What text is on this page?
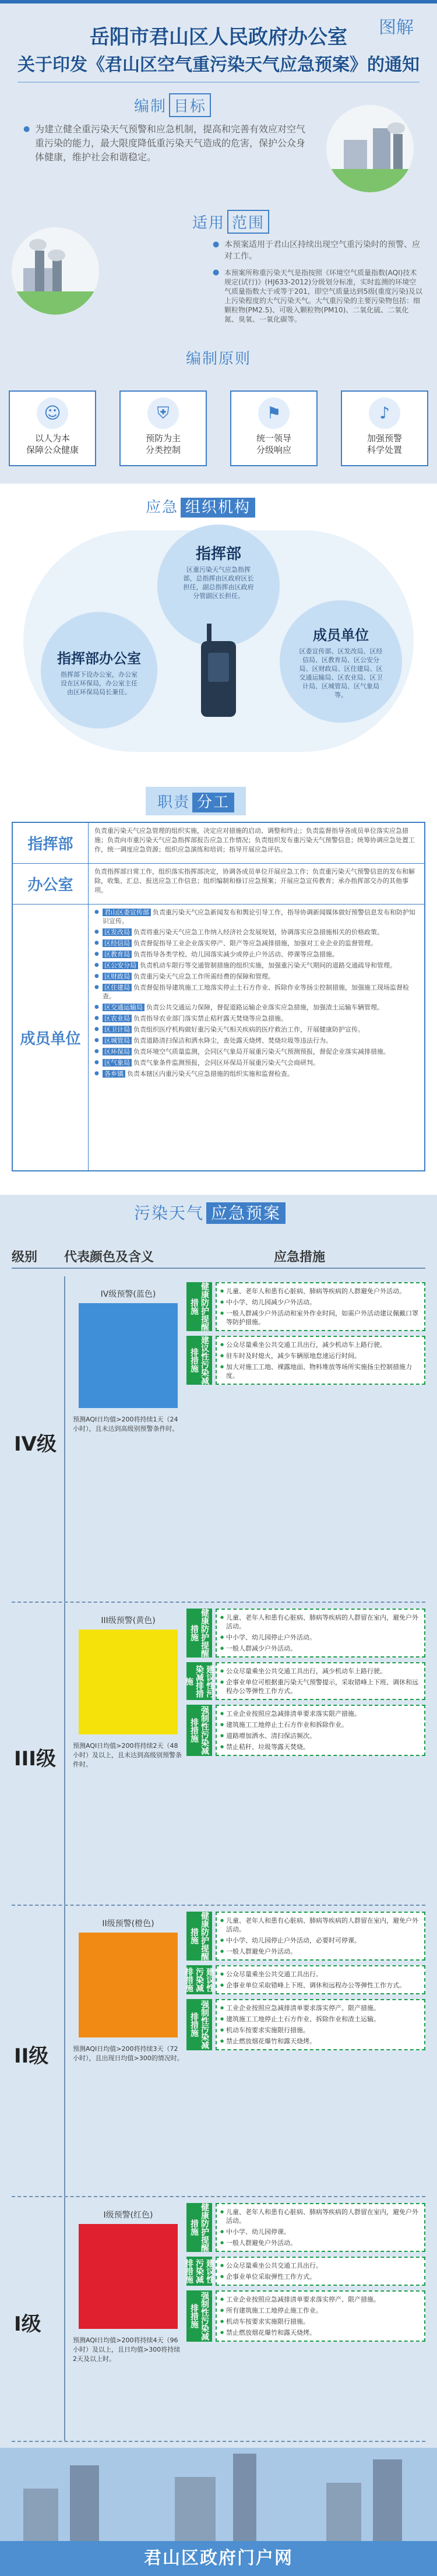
图解
岳阳市君山区人民政府办公室
关于印发《君山区空气重污染天气应急预案》的通知
编制 目标
● 为建立健全重污染天气预警和应急机制，提高和完善有效应对空气重污染的能力，最大限度降低重污染天气造成的危害，保护公众身体健康，维护社会和谐稳定。
适用 范围
● 本预案适用于君山区持续出现空气重污染时的预警、应对工作。
● 本预案所称重污染天气是指按照《环境空气质量指数(AQI)技术规定(试行)》(HJ633-2012)分级划分标准，实时监测的环境空气质量指数大于或等于201，即空气质量达到5级(重度污染)及以上污染程度的大气污染天气。大气重污染的主要污染物包括：细颗粒物(PM2.5)、可吸入颗粒物(PM10)、二氧化硫、二氧化氮、臭氧、一氧化碳等。
编制原则
☺
以人为本
保障公众健康
⛨
预防为主
分类控制
⚑
统一领导
分级响应
♪
加强预警
科学处置
应急 组织机构
指挥部
区重污染天气应急指挥部，总指挥由区政府区长担任，副总指挥由区政府分管副区长担任。
指挥部办公室
指挥部下设办公室，办公室设在区环保局，办公室主任由区环保局局长兼任。
成员单位
区委宣传部、区发改局、区经信局、区教育局、区公安分局、区财政局、区住建局、区交通运输局、区农业局、区卫计局、区城管局、区气象局等。
职责 分工
指挥部
负责重污染天气应急管理的组织实施，决定应对措施的启动、调整和终止；负责监督指导各成员单位落实应急措施；负责向市重污染天气应急指挥部报告应急工作情况；负责组织发布重污染天气预警信息；统筹协调应急处置工作，统一调度应急资源；组织应急演练和培训；指导开展应急评估。
办公室
负责指挥部日常工作，组织落实指挥部决定，协调各成员单位开展应急工作；负责重污染天气预警信息的发布和解除，收集、汇总、报送应急工作信息；组织编制和修订应急预案；开展应急宣传教育；承办指挥部交办的其他事项。
成员单位
● 君山区委宣传部 负责重污染天气应急新闻发布和舆论引导工作，指导协调新闻媒体做好预警信息发布和防护知识宣传。
● 区发改局 负责将重污染天气应急工作纳入经济社会发展规划，协调落实应急措施相关的价格政策。
● 区经信局 负责督促指导工业企业落实停产、限产等应急减排措施，加强对工业企业的监督管理。
● 区教育局 负责指导各类学校、幼儿园落实减少或停止户外活动、停课等应急措施。
● 区公安分局 负责机动车限行等交通管制措施的组织实施，加强重污染天气期间的道路交通疏导和管理。
● 区财政局 负责重污染天气应急工作所需经费的保障和管理。
● 区住建局 负责督促指导建筑施工工地落实停止土石方作业、拆除作业等扬尘控制措施，加强施工现场监督检查。
● 区交通运输局 负责公共交通运力保障，督促道路运输企业落实应急措施，加强渣土运输车辆管理。
● 区农业局 负责指导农业部门落实禁止秸秆露天焚烧等应急措施。
● 区卫计局 负责组织医疗机构做好重污染天气相关疾病的医疗救治工作，开展健康防护宣传。
● 区城管局 负责道路清扫保洁和洒水降尘，查处露天烧烤、焚烧垃圾等违法行为。
● 区环保局 负责环境空气质量监测，会同区气象局开展重污染天气预测预报，督促企业落实减排措施。
● 区气象局 负责气象条件监测预报，会同区环保局开展重污染天气会商研判。
● 各乡镇 负责本辖区内重污染天气应急措施的组织实施和监督检查。
污染天气 应急预案
级别 代表颜色及含义	应急措施
IV级
IV级预警(蓝色)
预测AQI日均值>200将持续1天（24小时），且未达到高级别预警条件时。
健康防护提醒措施
● 儿童、老年人和患有心脏病、肺病等疾病的人群避免户外活动。
● 中小学、幼儿园减少户外活动。
● 一般人群减少户外活动和室外作业时间，如需户外活动建议佩戴口罩等防护措施。
建议性污染减排措施
● 公众尽量乘坐公共交通工具出行，减少机动车上路行驶。
● 驻车时及时熄火，减少车辆原地怠速运行时间。
● 加大对施工工地、裸露地面、物料堆放等场所实施扬尘控制措施力度。
III级
III级预警(黄色)
预测AQI日均值>200将持续2天（48小时）及以上，且未达到高级别预警条件时。
健康防护提醒措施
● 儿童、老年人和患有心脏病、肺病等疾病的人群留在室内，避免户外活动。
● 中小学、幼儿园停止户外活动。
● 一般人群减少户外活动。
建议性污染减排措施
● 公众尽量乘坐公共交通工具出行，减少机动车上路行驶。
● 企事业单位可根据重污染天气预警提示，采取错峰上下班、调休和远程办公等弹性工作方式。
强制性污染减排措施
● 工业企业按照应急减排清单要求落实限产措施。
● 建筑施工工地停止土石方作业和拆除作业。
● 道路增加洒水、清扫保洁频次。
● 禁止秸秆、垃圾等露天焚烧。
II级
II级预警(橙色)
预测AQI日均值>200将持续3天（72小时），且出现日均值>300的情况时。
健康防护提醒措施
● 儿童、老年人和患有心脏病、肺病等疾病的人群留在室内，避免户外活动。
● 中小学、幼儿园停止户外活动，必要时可停课。
● 一般人群避免户外活动。
建议性污染减排措施	● 公众尽量乘坐公共交通工具出行。
● 企事业单位采取错峰上下班、调休和远程办公等弹性工作方式。
强制性污染减排措施
● 工业企业按照应急减排清单要求落实停产、限产措施。
● 建筑施工工地停止土石方作业、拆除作业和渣土运输。
● 机动车按要求实施限行措施。
● 禁止燃放烟花爆竹和露天烧烤。
I级
I级预警(红色)
预测AQI日均值>200将持续4天（96小时）及以上，且日均值>300将持续2天及以上时。
健康防护提醒措施
● 儿童、老年人和患有心脏病、肺病等疾病的人群留在室内，避免户外活动。
● 中小学、幼儿园停课。
● 一般人群避免户外活动。
建议性污染减排措施	● 公众尽量乘坐公共交通工具出行。
● 企事业单位采取弹性工作方式。
强制性污染减排措施
● 工业企业按照应急减排清单要求落实停产、限产措施。
● 所有建筑施工工地停止施工作业。
● 机动车按要求实施限行措施。
● 禁止燃放烟花爆竹和露天烧烤。
君山区政府门户网
